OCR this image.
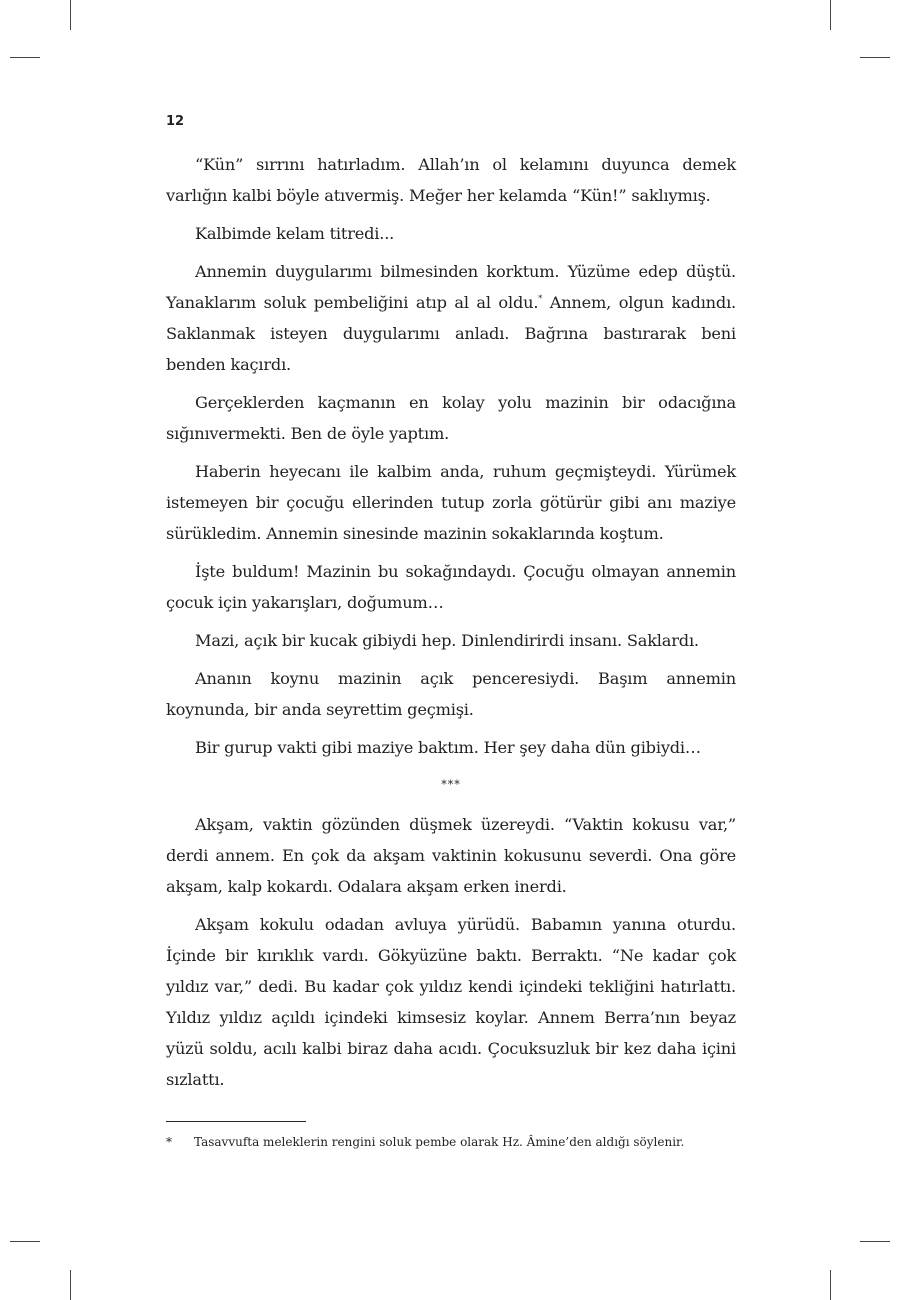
12

“Kün” sırrını hatırladım. Allah’ın ol kelamını duyunca demek varlığın kalbi böyle atıvermiş. Meğer her kelamda “Kün!” saklıymış.

Kalbimde kelam titredi...

Annemin duygularımı bilmesinden korktum. Yüzüme edep düştü. Yanaklarım soluk pembeliğini atıp al al oldu.* Annem, olgun kadındı. Saklanmak isteyen duygularımı anladı. Bağrına bastırarak beni benden kaçırdı.

Gerçeklerden kaçmanın en kolay yolu mazinin bir odacığına sığınıvermekti. Ben de öyle yaptım.

Haberin heyecanı ile kalbim anda, ruhum geçmişteydi. Yürümek istemeyen bir çocuğu ellerinden tutup zorla götürür gibi anı maziye sürükledim. Annemin sinesinde mazinin sokaklarında koştum.

İşte buldum! Mazinin bu sokağındaydı. Çocuğu olmayan annemin çocuk için yakarışları, doğumum…

Mazi, açık bir kucak gibiydi hep. Dinlendirirdi insanı. Saklardı.

Ananın koynu mazinin açık penceresiydi. Başım annemin koynunda, bir anda seyrettim geçmişi.

Bir gurup vakti gibi maziye baktım. Her şey daha dün gibiydi…

***

Akşam, vaktin gözünden düşmek üzereydi. “Vaktin kokusu var,” derdi annem. En çok da akşam vaktinin kokusunu severdi. Ona göre akşam, kalp kokardı. Odalara akşam erken inerdi.

Akşam kokulu odadan avluya yürüdü. Babamın yanına oturdu. İçinde bir kırıklık vardı. Gökyüzüne baktı. Berraktı. “Ne kadar çok yıldız var,” dedi. Bu kadar çok yıldız kendi içindeki tekliğini hatırlattı. Yıldız yıldız açıldı içindeki kimsesiz koylar. Annem Berra’nın beyaz yüzü soldu, acılı kalbi biraz daha acıdı. Çocuksuzluk bir kez daha içini sızlattı.

* Tasavvufta meleklerin rengini soluk pembe olarak Hz. Âmine’den aldığı söylenir.
